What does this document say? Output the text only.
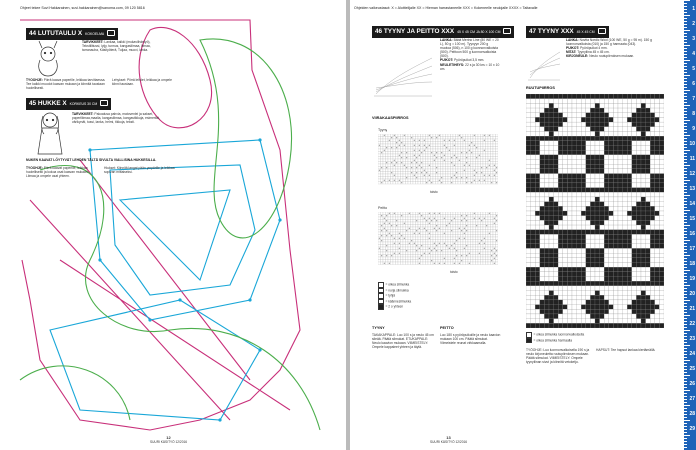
Ohjeet tekee Suvi Hakkarainen, suvi.hakkarainen@sanoma.com, 09 120 5816
44 LUTUTAULU X KOKOELMA
TARVIKKEET: Lankaa, kaikki (mukaviihdetyö), Tekstiilitussi, lyijy, tunnus, kangasliimaa, liimaa, tarranauha, Käsityöterä, Tuijaa, muovi, lanka.
TYÖOHJE: Piirrä kaava paperille, leikkaa tarvittaessa. Tee kaikki muodot kaavan mukaan ja kiinnitä taustaan huolellisesti.
Lehykset: Piirrä lehdet, leikkaa ja ompele kiinni taustaan.
45 HUKKE X KORKEUS 30 CM
TARVIKKEET: Pakoalusa pahvia, matovenlei ja sakset, paperiliimaa,maalia, kangasliimaa, kangastikkuja, esimerkki, värikynät, tussi, lanka, helmi, tikkuja, teksti.
NUKEN KAAVAT LÖYTYVÄT LEHDEN TÄLTÄ SIVULTA VIALLISINA HUKKESILLA.
TYÖOHJE: Piirrä kaavat paperille, leikkaa huolellisesti ja kokoa osat kaavan mukaan. Liimaa ja ompele osat yhteen.
Hiukset: Kiinnitä langat pään ympärille ja leikkaa sopivan mittaiseksi.
12
SUURI KÄSITYÖ 12/2016
Ohjeiden vaikeustasot: X = Aloittelijalle XX = Hieman harrastaneelle XXX = Kokeneelle neulojalle XXXX = Taitavalle
46 TYYNY JA PEITTO XXX 45 X 45 CM JA 80 X 100 CM
LANKA: Bäbä Merino Line (80 WE = 20 L), 50 g = 100 m). Tyynyyn 200 g muotoa (506), n 100 g luonnonvalkoista (500). Peittoon 500 g luonnonvalkoista (500).
PUIKOT: Pyöröpuikot 3,5 mm.
NEULETIHEYS: 22 s ja 30 krs = 10 x 10 cm.
VIIRAKAASPIIRROS
Tyyny
toisto
Peitto
toisto
= oikea silmukka
= nurja silmukka
= tyhjä
= käännesilmukka
= 2 o yhteen
TYYNY
TAKAKAPPALE: Luo 100 s ja neulo 45 cm sileää. Päätä silmukat. ETUKAPPALE: Neulo kaavion mukaan. VIIMEISTELY: Ompele kappaleet yhteen ja täytä.
PEITTO
Luo 180 s pyöröpuikoille ja neulo kaavion mukaan 100 cm. Päätä silmukat. Viimeistele reunat virkkaamalla.
47 TYYNY XXX 45 X 45 CM
LANKA: Novita Nordic Wool (100 WE, 50 g = 95 m). 150 g luonnonvalkoista (010) ja 150 g harmaata (043).
PUIKOT: Pyöröpuikot 4 mm.
MITAT: Tyynyliina 45 x 45 cm.
KIRJONEULE: Neulo ruutupiirroksen mukaan.
RUUTUPIIRROS
= oikea silmukka luonnonvalkoisella
= oikea silmukka harmaalla
TYÖOHJE: Luo luonnonvalkoisella 190 s ja neulo kirjoneuletta ruutupiirroksen mukaan. Päätä silmukat. VIIMEISTELY: Ompele tyynyliinan sivut ja kiinnitä vetoketju.
HAPSUT: Tee hapsut lankaa kiertämällä.
13
SUURI KÄSITYÖ 12/2016
1
2
3
4
5
6
7
8
9
10
11
12
13
14
15
16
17
18
19
20
21
22
23
24
25
26
27
28
29
